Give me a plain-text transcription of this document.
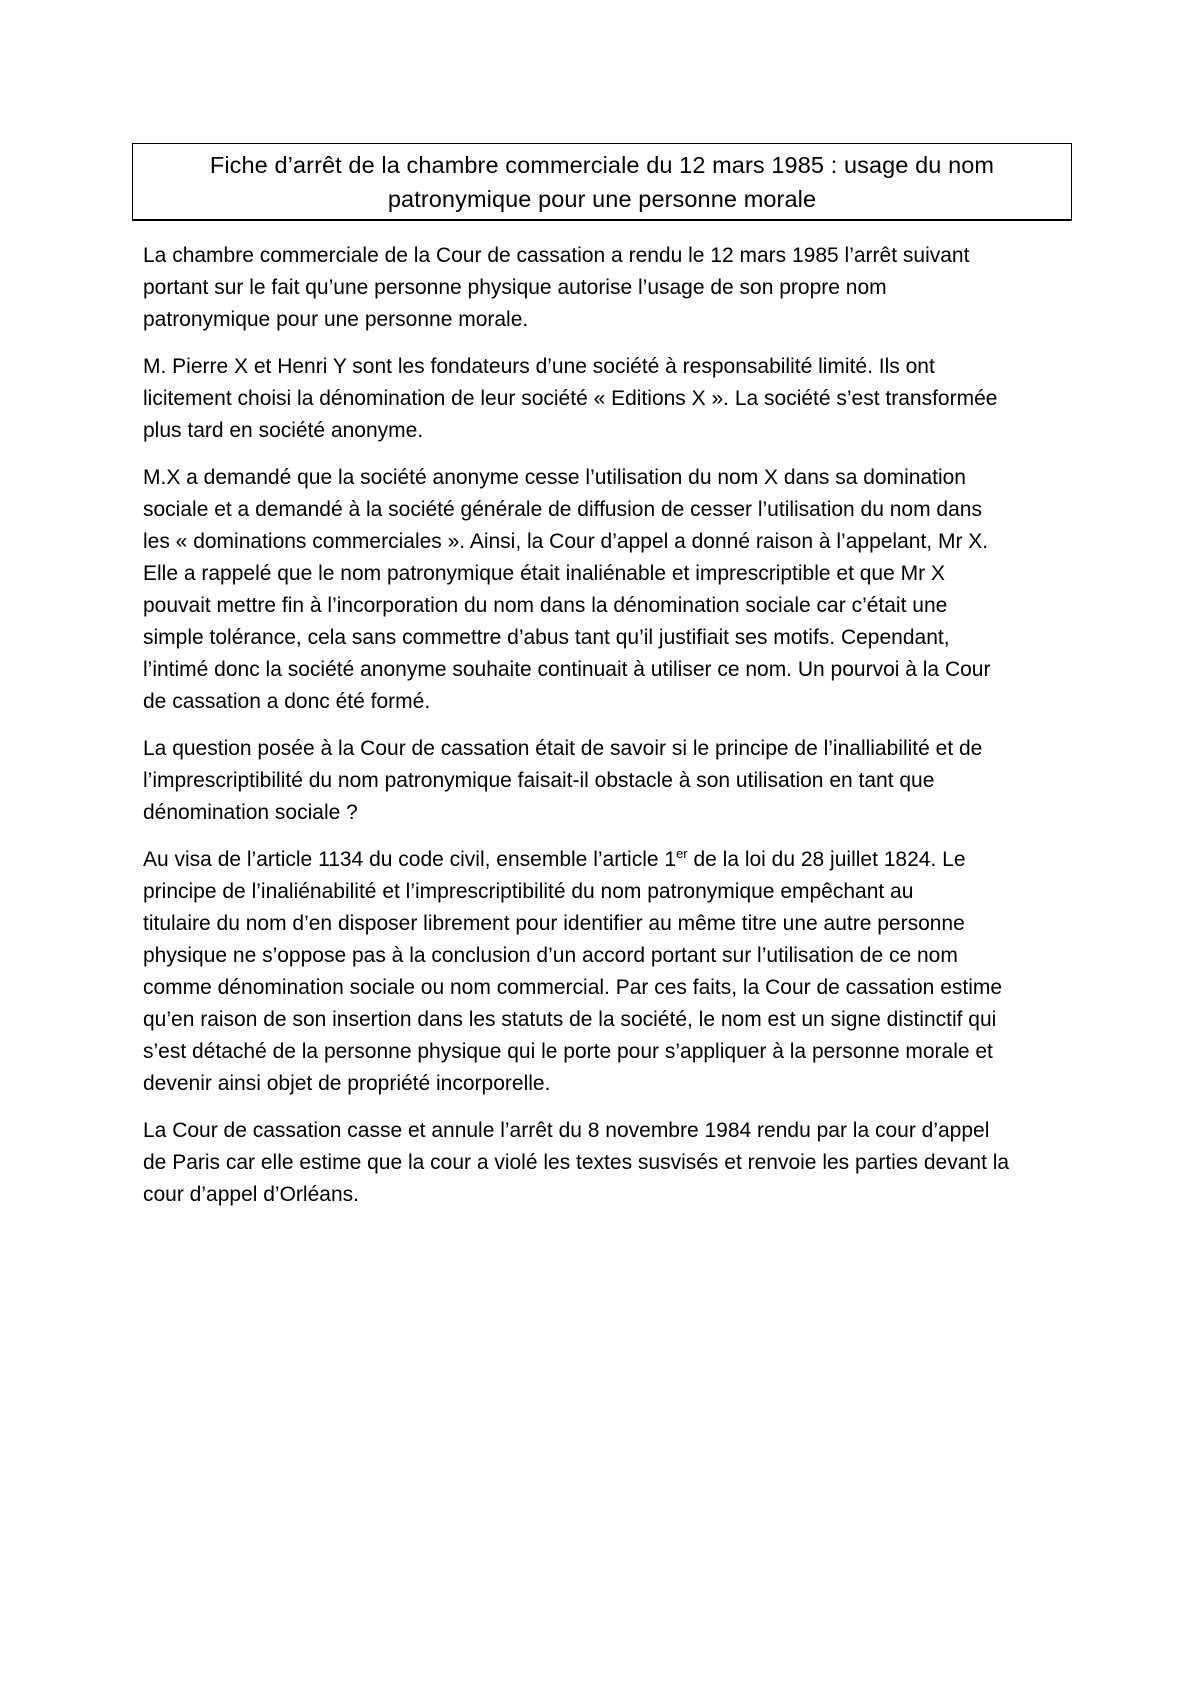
Fiche d’arrêt de la chambre commerciale du 12 mars 1985 : usage du nom
patronymique pour une personne morale

La chambre commerciale de la Cour de cassation a rendu le 12 mars 1985 l’arrêt suivant
portant sur le fait qu’une personne physique autorise l’usage de son propre nom
patronymique pour une personne morale.

M. Pierre X et Henri Y sont les fondateurs d’une société à responsabilité limité. Ils ont
licitement choisi la dénomination de leur société « Editions X ». La société s’est transformée
plus tard en société anonyme.

M.X a demandé que la société anonyme cesse l’utilisation du nom X dans sa domination
sociale et a demandé à la société générale de diffusion de cesser l’utilisation du nom dans
les « dominations commerciales ». Ainsi, la Cour d’appel a donné raison à l’appelant, Mr X.
Elle a rappelé que le nom patronymique était inaliénable et imprescriptible et que Mr X
pouvait mettre fin à l’incorporation du nom dans la dénomination sociale car c’était une
simple tolérance, cela sans commettre d’abus tant qu’il justifiait ses motifs. Cependant,
l’intimé donc la société anonyme souhaite continuait à utiliser ce nom. Un pourvoi à la Cour
de cassation a donc été formé.

La question posée à la Cour de cassation était de savoir si le principe de l’inalliabilité et de
l’imprescriptibilité du nom patronymique faisait-il obstacle à son utilisation en tant que
dénomination sociale ?

Au visa de l’article 1134 du code civil, ensemble l’article 1er de la loi du 28 juillet 1824. Le
principe de l’inaliénabilité et l’imprescriptibilité du nom patronymique empêchant au
titulaire du nom d’en disposer librement pour identifier au même titre une autre personne
physique ne s’oppose pas à la conclusion d’un accord portant sur l’utilisation de ce nom
comme dénomination sociale ou nom commercial. Par ces faits, la Cour de cassation estime
qu’en raison de son insertion dans les statuts de la société, le nom est un signe distinctif qui
s’est détaché de la personne physique qui le porte pour s’appliquer à la personne morale et
devenir ainsi objet de propriété incorporelle.

La Cour de cassation casse et annule l’arrêt du 8 novembre 1984 rendu par la cour d’appel
de Paris car elle estime que la cour a violé les textes susvisés et renvoie les parties devant la
cour d’appel d’Orléans.
